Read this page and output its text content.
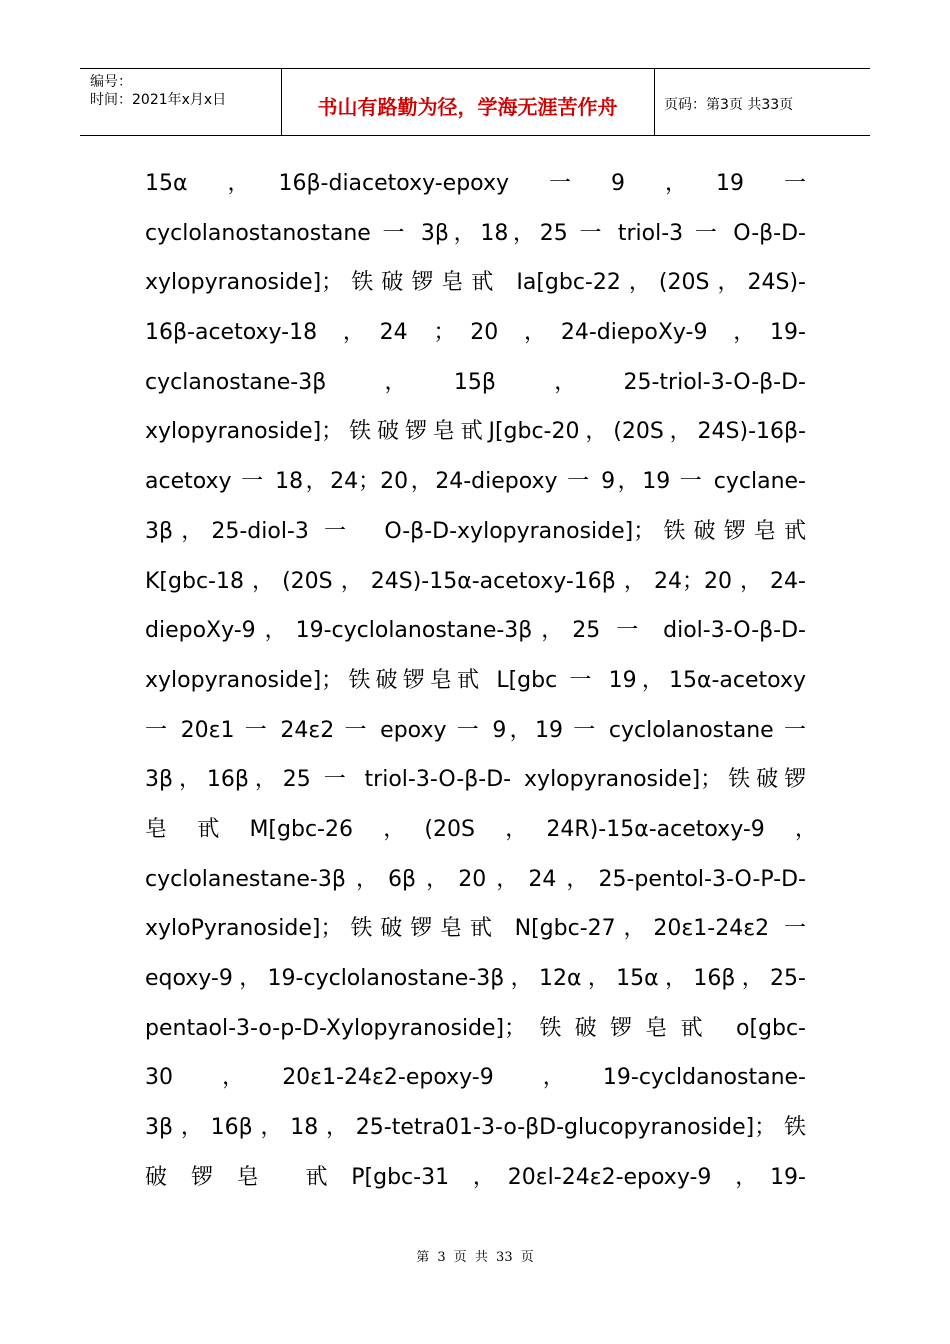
编号：
时间：2021年x月x日	书山有路勤为径，学海无涯苦作舟	页码：第3页 共33页
15α　，　16β-diacetoxy-epoxy　一　9　，　19　一
cyclolanostanostane 一 3β，18，25 一 triol-3 一 O-β-D-
xylopyranoside]；铁破锣皂甙 Ia[gbc-22，(20S，24S)-
16β-acetoxy-18　，　24　；　20　，　24-diepoXy-9　，　19-
cyclanostane-3β　　，　　15β　　，　　25-triol-3-O-β-D-
xylopyranoside]；铁破锣皂甙J[gbc-20，(20S，24S)-16β-
acetoxy 一 18，24；20，24-diepoxy 一 9，19 一 cyclane-
3β，25-diol-3 一　O-β-D-xylopyranoside]；铁破锣皂甙
K[gbc-18，(20S，24S)-15α-acetoxy-16β，24；20，24-
diepoXy-9，19-cyclolanostane-3β，25 一 diol-3-O-β-D-
xylopyranoside]；铁破锣皂甙 L[gbc 一 19，15α-acetoxy
一 20ε1 一 24ε2 一 epoxy 一 9，19 一 cyclolanostane 一
3β，16β，25 一 triol-3-O-β-D- xylopyranoside]；铁破锣
皂　甙　M[gbc-26　，　(20S　，　24R)-15α-acetoxy-9　，　
cyclolanestane-3β，6β，20，24，25-pentol-3-O-P-D-
xyloPyranoside]；铁破锣皂甙 N[gbc-27，20ε1-24ε2 一
eqoxy-9，19-cyclolanostane-3β，12α，15α，16β，25-
pentaol-3-o-p-D-Xylopyranoside]；铁破锣皂甙 o[gbc-
30　，　20ε1-24ε2-epoxy-9　，　19-cycldanostane-
3β，16β，18，25-tetra01-3-o-βD-glucopyranoside]；铁
破　锣　皂　　甙　P[gbc-31　，　20εl-24ε2-epoxy-9　，　19-
第 3 页 共 33 页
